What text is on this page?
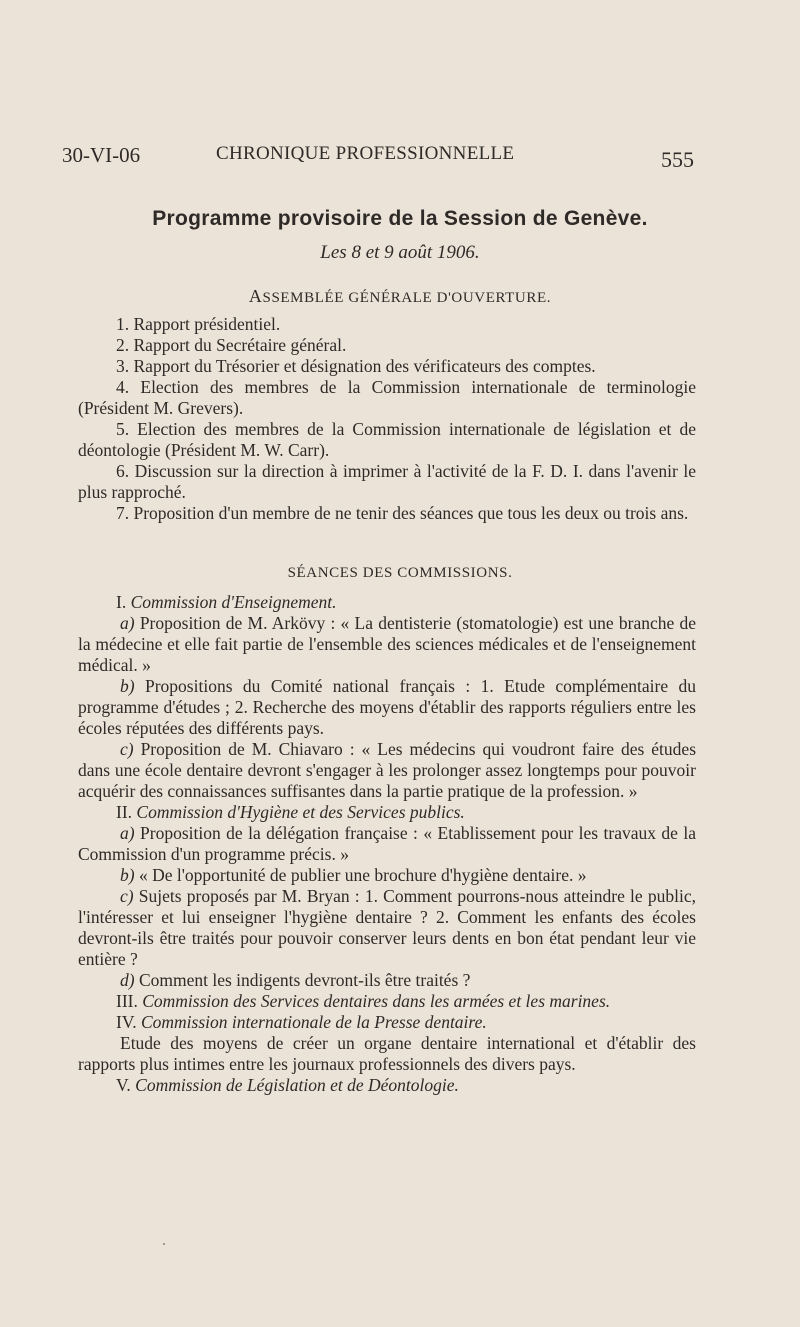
30-VI-06	CHRONIQUE PROFESSIONNELLE	555
Programme provisoire de la Session de Genève.
Les 8 et 9 août 1906.
ASSEMBLÉE GÉNÉRALE D'OUVERTURE.
1. Rapport présidentiel.
2. Rapport du Secrétaire général.
3. Rapport du Trésorier et désignation des vérificateurs des comptes.
4. Election des membres de la Commission internationale de terminologie (Président M. Grevers).
5. Election des membres de la Commission internationale de législation et de déontologie (Président M. W. Carr).
6. Discussion sur la direction à imprimer à l'activité de la F. D. I. dans l'avenir le plus rapproché.
7. Proposition d'un membre de ne tenir des séances que tous les deux ou trois ans.
SÉANCES DES COMMISSIONS.
I. Commission d'Enseignement.
a) Proposition de M. Arkövy : « La dentisterie (stomatologie) est une branche de la médecine et elle fait partie de l'ensemble des sciences médicales et de l'enseignement médical. »
b) Propositions du Comité national français : 1. Etude complémentaire du programme d'études ; 2. Recherche des moyens d'établir des rapports réguliers entre les écoles réputées des différents pays.
c) Proposition de M. Chiavaro : « Les médecins qui voudront faire des études dans une école dentaire devront s'engager à les prolonger assez longtemps pour pouvoir acquérir des connaissances suffisantes dans la partie pratique de la profession. »
II. Commission d'Hygiène et des Services publics.
a) Proposition de la délégation française : « Etablissement pour les travaux de la Commission d'un programme précis. »
b) « De l'opportunité de publier une brochure d'hygiène dentaire. »
c) Sujets proposés par M. Bryan : 1. Comment pourrons-nous atteindre le public, l'intéresser et lui enseigner l'hygiène dentaire ? 2. Comment les enfants des écoles devront-ils être traités pour pouvoir conserver leurs dents en bon état pendant leur vie entière ?
d) Comment les indigents devront-ils être traités ?
III. Commission des Services dentaires dans les armées et les marines.
IV. Commission internationale de la Presse dentaire.
Etude des moyens de créer un organe dentaire international et d'établir des rapports plus intimes entre les journaux professionnels des divers pays.
V. Commission de Législation et de Déontologie.
